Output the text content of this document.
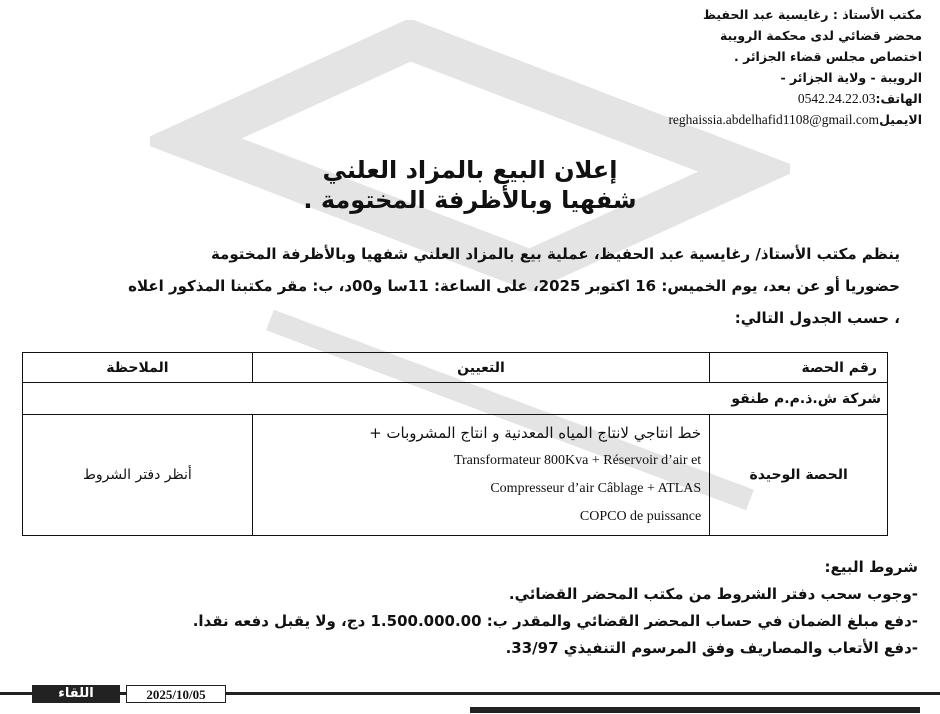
مكتب الأستاذ : رغايسية عبد الحفيظ
محضر قضائي لدى محكمة الرويبة
اختصاص مجلس قضاء الجزائر .
الرويبة - ولاية الجزائر -
الهاتف:0542.24.22.03
الايميلreghaissia.abdelhafid1108@gmail.com
إعلان البيع بالمزاد العلني
شفهيا وبالأظرفة المختومة .
ينظم مكتب الأستاذ/ رغايسية عبد الحفيظ، عملية بيع بالمزاد العلني شفهيا وبالأظرفة المختومة
حضوريا أو عن بعد، يوم الخميس: 16 اكتوبر 2025، على الساعة: 11سا و00د، ب: مقر مكتبنا المذكور اعلاه
، حسب الجدول التالي:
رقم الحصة	التعيين	الملاحظة
شركة ش.ذ.م.م طنقو		
الحصة الوحيدة	خط انتاجي لانتاج المياه المعدنية و انتاج المشروبات +
Transformateur 800Kva + Réservoir d’air et
Compresseur d’air Câblage + ATLAS
COPCO de puissance	أنظر دفتر الشروط
شروط البيع:
-وجوب سحب دفتر الشروط من مكتب المحضر القضائي.
-دفع مبلغ الضمان في حساب المحضر القضائي والمقدر ب: 1.500.000.00 دج، ولا يقبل دفعه نقدا.
-دفع الأتعاب والمصاريف وفق المرسوم التنفيذي 33/97.
اللقاء	2025/10/05
